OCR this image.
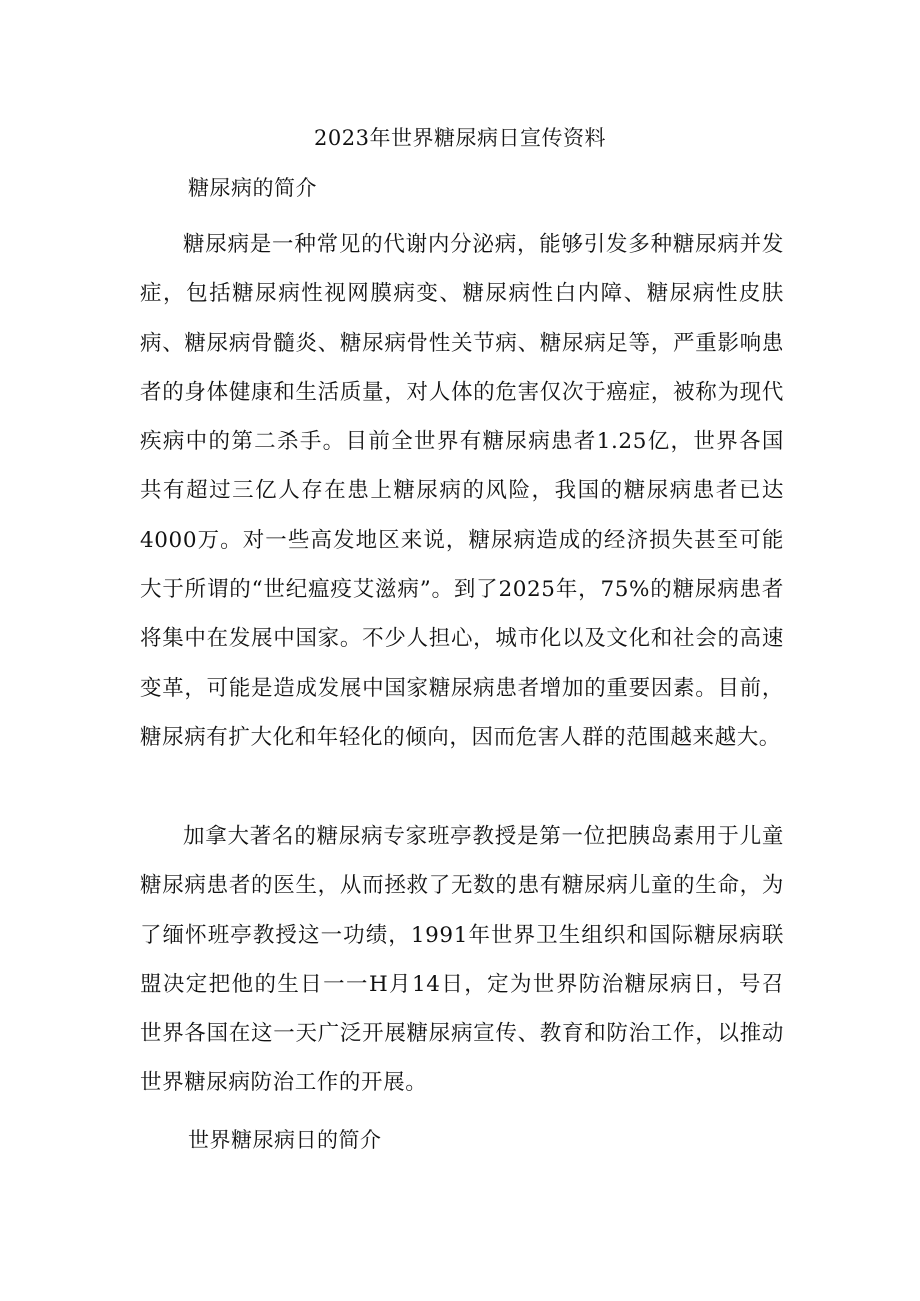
2023年世界糖尿病日宣传资料
糖尿病的简介

糖尿病是一种常见的代谢内分泌病，能够引发多种糖尿病并发症，包括糖尿病性视网膜病变、糖尿病性白内障、糖尿病性皮肤病、糖尿病骨髓炎、糖尿病骨性关节病、糖尿病足等，严重影响患者的身体健康和生活质量，对人体的危害仅次于癌症，被称为现代疾病中的第二杀手。目前全世界有糖尿病患者1.25亿，世界各国共有超过三亿人存在患上糖尿病的风险，我国的糖尿病患者已达4000万。对一些高发地区来说，糖尿病造成的经济损失甚至可能大于所谓的“世纪瘟疫艾滋病”。到了2025年，75%的糖尿病患者将集中在发展中国家。不少人担心，城市化以及文化和社会的高速变革，可能是造成发展中国家糖尿病患者增加的重要因素。目前，糖尿病有扩大化和年轻化的倾向，因而危害人群的范围越来越大。

加拿大著名的糖尿病专家班亭教授是第一位把胰岛素用于儿童糖尿病患者的医生，从而拯救了无数的患有糖尿病儿童的生命，为了缅怀班亭教授这一功绩，1991年世界卫生组织和国际糖尿病联盟决定把他的生日一一H月14日，定为世界防治糖尿病日，号召世界各国在这一天广泛开展糖尿病宣传、教育和防治工作，以推动世界糖尿病防治工作的开展。

世界糖尿病日的简介
